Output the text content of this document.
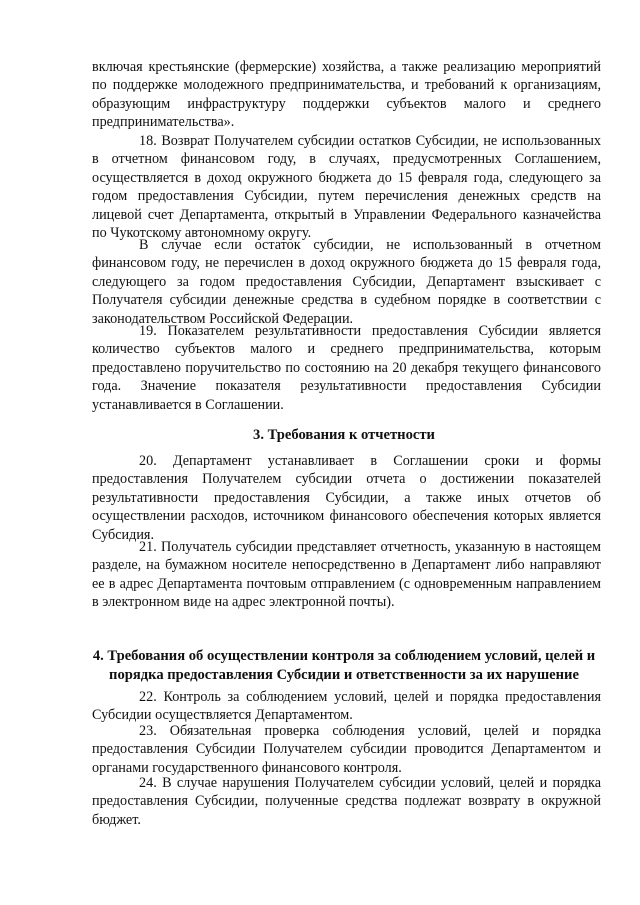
включая крестьянские (фермерские) хозяйства, а также реализацию мероприятий по поддержке молодежного предпринимательства, и требований к организациям, образующим инфраструктуру поддержки субъектов малого и среднего предпринимательства».

18. Возврат Получателем субсидии остатков Субсидии, не использованных в отчетном финансовом году, в случаях, предусмотренных Соглашением, осуществляется в доход окружного бюджета до 15 февраля года, следующего за годом предоставления Субсидии, путем перечисления денежных средств на лицевой счет Департамента, открытый в Управлении Федерального казначейства по Чукотскому автономному округу.

В случае если остаток субсидии, не использованный в отчетном финансовом году, не перечислен в доход окружного бюджета до 15 февраля года, следующего за годом предоставления Субсидии, Департамент взыскивает с Получателя субсидии денежные средства в судебном порядке в соответствии с законодательством Российской Федерации.

19. Показателем результативности предоставления Субсидии является количество субъектов малого и среднего предпринимательства, которым предоставлено поручительство по состоянию на 20 декабря текущего финансового года. Значение показателя результативности предоставления Субсидии устанавливается в Соглашении.

3. Требования к отчетности

20. Департамент устанавливает в Соглашении сроки и формы предоставления Получателем субсидии отчета о достижении показателей результативности предоставления Субсидии, а также иных отчетов об осуществлении расходов, источником финансового обеспечения которых является Субсидия.

21. Получатель субсидии представляет отчетность, указанную в настоящем разделе, на бумажном носителе непосредственно в Департамент либо направляют ее в адрес Департамента почтовым отправлением (с одновременным направлением в электронном виде на адрес электронной почты).

4. Требования об осуществлении контроля за соблюдением условий, целей и порядка предоставления Субсидии и ответственности за их нарушение

22. Контроль за соблюдением условий, целей и порядка предоставления Субсидии осуществляется Департаментом.

23. Обязательная проверка соблюдения условий, целей и порядка предоставления Субсидии Получателем субсидии проводится Департаментом и органами государственного финансового контроля.

24. В случае нарушения Получателем субсидии условий, целей и порядка предоставления Субсидии, полученные средства подлежат возврату в окружной бюджет.
